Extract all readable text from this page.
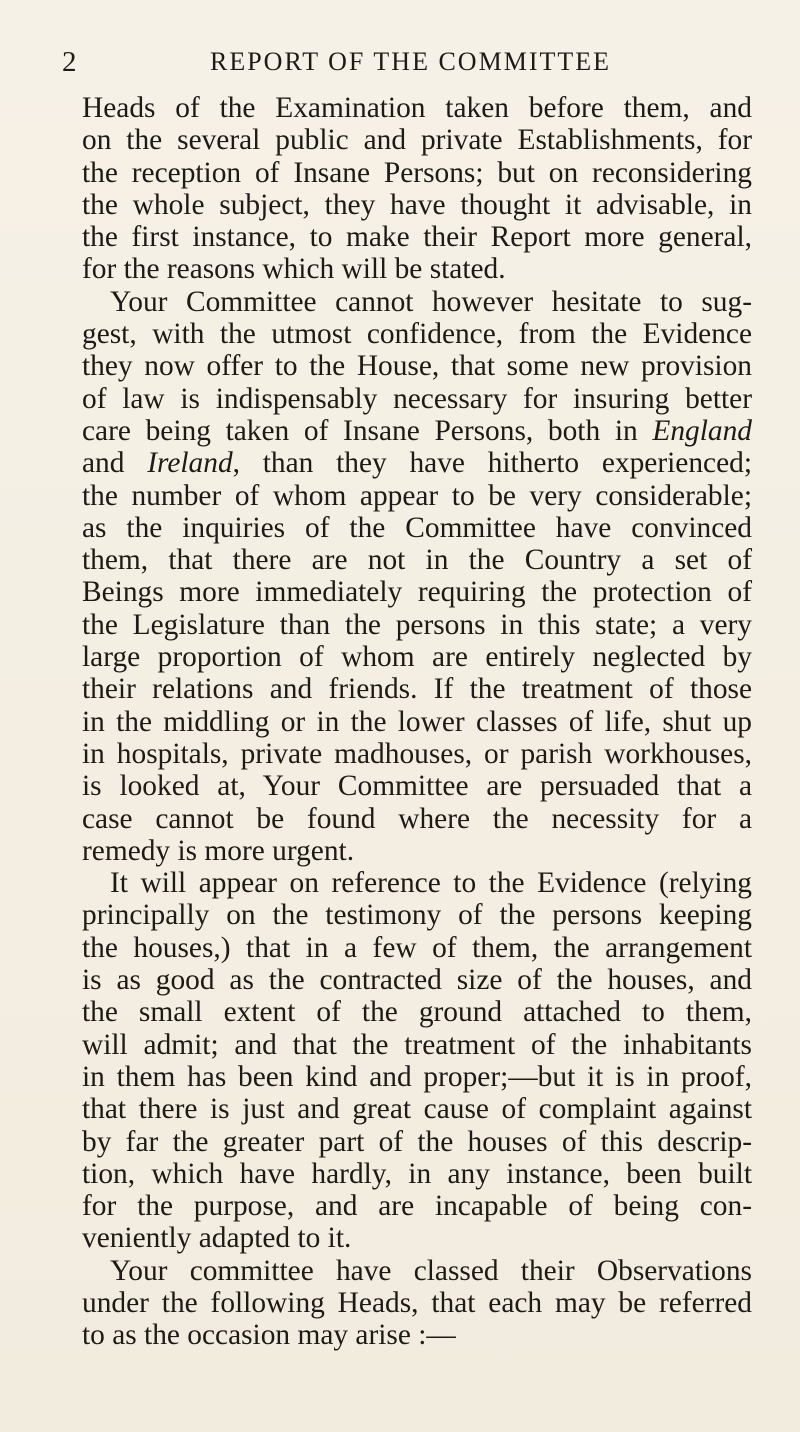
2	REPORT OF THE COMMITTEE
Heads of the Examination taken before them, and
on the several public and private Establishments, for
the reception of Insane Persons; but on reconsidering
the whole subject, they have thought it advisable, in
the first instance, to make their Report more general,
for the reasons which will be stated.
Your Committee cannot however hesitate to sug-
gest, with the utmost confidence, from the Evidence
they now offer to the House, that some new provision
of law is indispensably necessary for insuring better
care being taken of Insane Persons, both in England
and Ireland, than they have hitherto experienced;
the number of whom appear to be very considerable;
as the inquiries of the Committee have convinced
them, that there are not in the Country a set of
Beings more immediately requiring the protection of
the Legislature than the persons in this state; a very
large proportion of whom are entirely neglected by
their relations and friends. If the treatment of those
in the middling or in the lower classes of life, shut up
in hospitals, private madhouses, or parish workhouses,
is looked at, Your Committee are persuaded that a
case cannot be found where the necessity for a
remedy is more urgent.
It will appear on reference to the Evidence (relying
principally on the testimony of the persons keeping
the houses,) that in a few of them, the arrangement
is as good as the contracted size of the houses, and
the small extent of the ground attached to them,
will admit; and that the treatment of the inhabitants
in them has been kind and proper;—but it is in proof,
that there is just and great cause of complaint against
by far the greater part of the houses of this descrip-
tion, which have hardly, in any instance, been built
for the purpose, and are incapable of being con-
veniently adapted to it.
Your committee have classed their Observations
under the following Heads, that each may be referred
to as the occasion may arise :—
